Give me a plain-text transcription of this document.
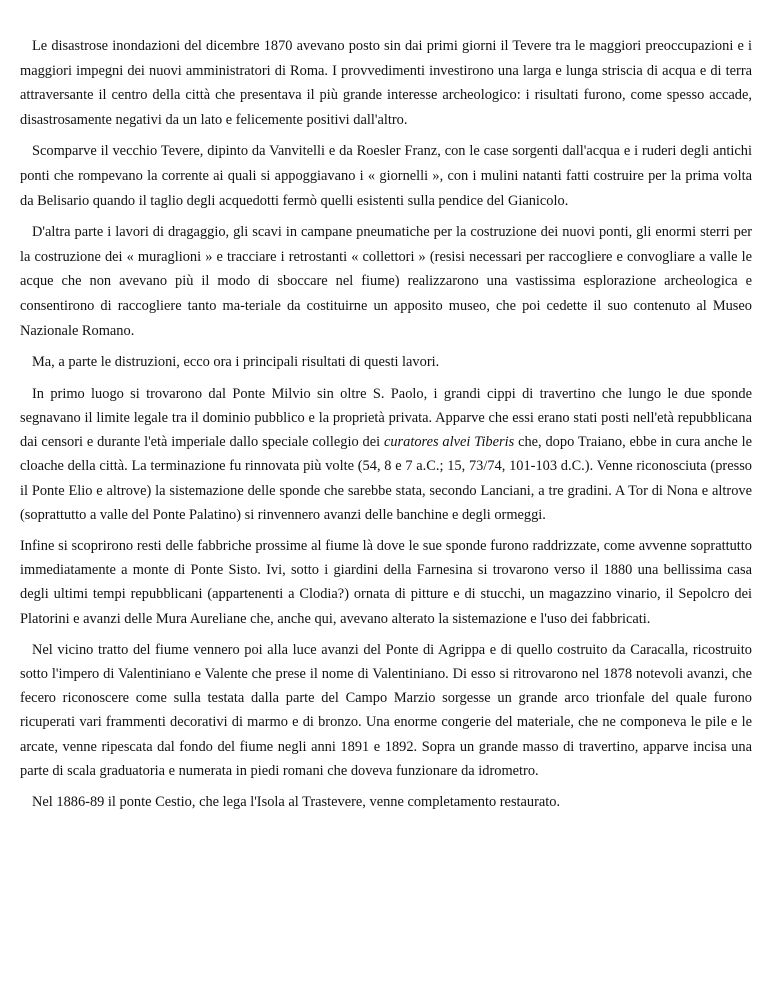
Le disastrose inondazioni del dicembre 1870 avevano posto sin dai primi giorni il Tevere tra le maggiori preoccupazioni e i maggiori impegni dei nuovi amministratori di Roma. I provvedimenti investirono una larga e lunga striscia di acqua e di terra attraversante il centro della città che presentava il più grande interesse archeologico: i risultati furono, come spesso accade, disastrosamente negativi da un lato e felicemente positivi dall'altro.

Scomparve il vecchio Tevere, dipinto da Vanvitelli e da Roesler Franz, con le case sorgenti dall'acqua e i ruderi degli antichi ponti che rompevano la corrente ai quali si appoggiavano i « giornelli », con i mulini natanti fatti costruire per la prima volta da Belisario quando il taglio degli acquedotti fermò quelli esistenti sulla pendice del Gianicolo.

D'altra parte i lavori di dragaggio, gli scavi in campane pneumatiche per la costruzione dei nuovi ponti, gli enormi sterri per la costruzione dei « muraglioni » e tracciare i retrostanti « collettori » (resisi necessari per raccogliere e convogliare a valle le acque che non avevano più il modo di sboccare nel fiume) realizzarono una vastissima esplorazione archeologica e consentirono di raccogliere tanto ma-teriale da costituirne un apposito museo, che poi cedette il suo contenuto al Museo Nazionale Romano.

Ma, a parte le distruzioni, ecco ora i principali risultati di questi lavori.

In primo luogo si trovarono dal Ponte Milvio sin oltre S. Paolo, i grandi cippi di travertino che lungo le due sponde segnavano il limite legale tra il dominio pubblico e la proprietà privata. Apparve che essi erano stati posti nell'età repubblicana dai censori e durante l'età imperiale dallo speciale collegio dei curatores alvei Tiberis che, dopo Traiano, ebbe in cura anche le cloache della città. La terminazione fu rinnovata più volte (54, 8 e 7 a.C.; 15, 73/74, 101-103 d.C.). Venne riconosciuta (presso il Ponte Elio e altrove) la sistemazione delle sponde che sarebbe stata, secondo Lanciani, a tre gradini. A Tor di Nona e altrove (soprattutto a valle del Ponte Palatino) si rinvennero avanzi delle banchine e degli ormeggi.

Infine si scoprirono resti delle fabbriche prossime al fiume là dove le sue sponde furono raddrizzate, come avvenne soprattutto immediatamente a monte di Ponte Sisto. Ivi, sotto i giardini della Farnesina si trovarono verso il 1880 una bellissima casa degli ultimi tempi repubblicani (appartenenti a Clodia?) ornata di pitture e di stucchi, un magazzino vinario, il Sepolcro dei Platorini e avanzi delle Mura Aureliane che, anche qui, avevano alterato la sistemazione e l'uso dei fabbricati.

Nel vicino tratto del fiume vennero poi alla luce avanzi del Ponte di Agrippa e di quello costruito da Caracalla, ricostruito sotto l'impero di Valentiniano e Valente che prese il nome di Valentiniano. Di esso si ritrovarono nel 1878 notevoli avanzi, che fecero riconoscere come sulla testata dalla parte del Campo Marzio sorgesse un grande arco trionfale del quale furono ricuperati vari frammenti decorativi di marmo e di bronzo. Una enorme congerie del materiale, che ne componeva le pile e le arcate, venne ripescata dal fondo del fiume negli anni 1891 e 1892. Sopra un grande masso di travertino, apparve incisa una parte di scala graduatoria e numerata in piedi romani che doveva funzionare da idrometro.

Nel 1886-89 il ponte Cestio, che lega l'Isola al Trastevere, venne completamento restaurato.
